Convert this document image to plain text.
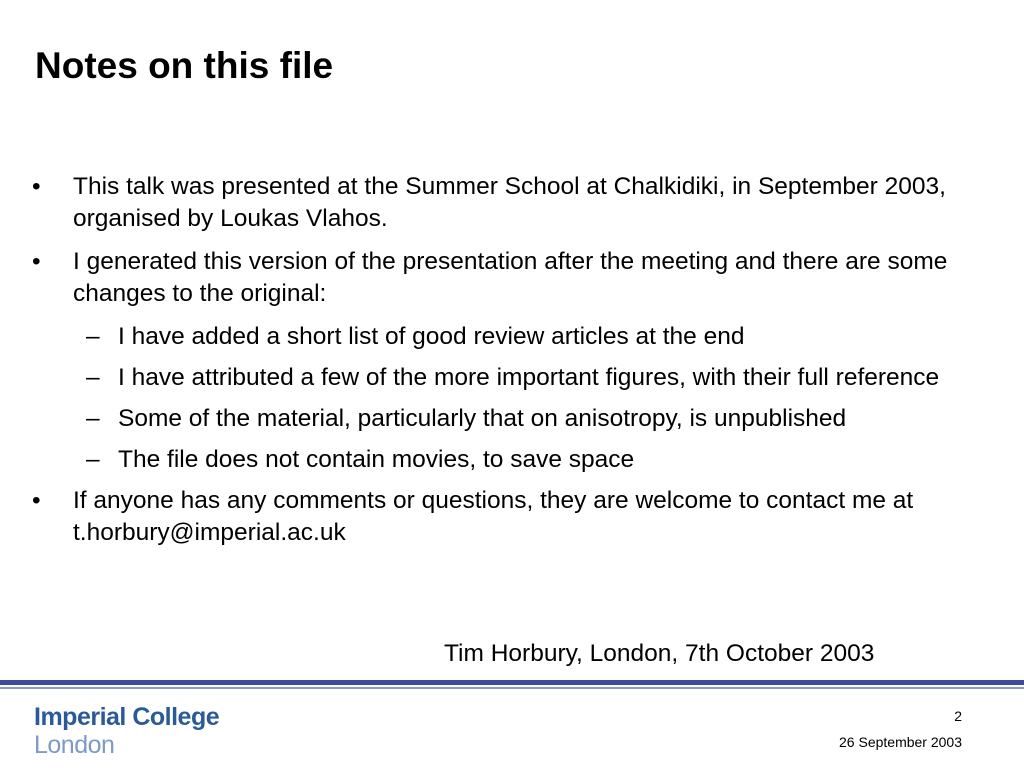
Notes on this file
• This talk was presented at the Summer School at Chalkidiki, in September 2003, organised by Loukas Vlahos.
• I generated this version of the presentation after the meeting and there are some changes to the original:
– I have added a short list of good review articles at the end
– I have attributed a few of the more important figures, with their full reference
– Some of the material, particularly that on anisotropy, is unpublished
– The file does not contain movies, to save space
• If anyone has any comments or questions, they are welcome to contact me at t.horbury@imperial.ac.uk
Tim Horbury, London, 7th October 2003
Imperial College
London
2
26 September 2003
